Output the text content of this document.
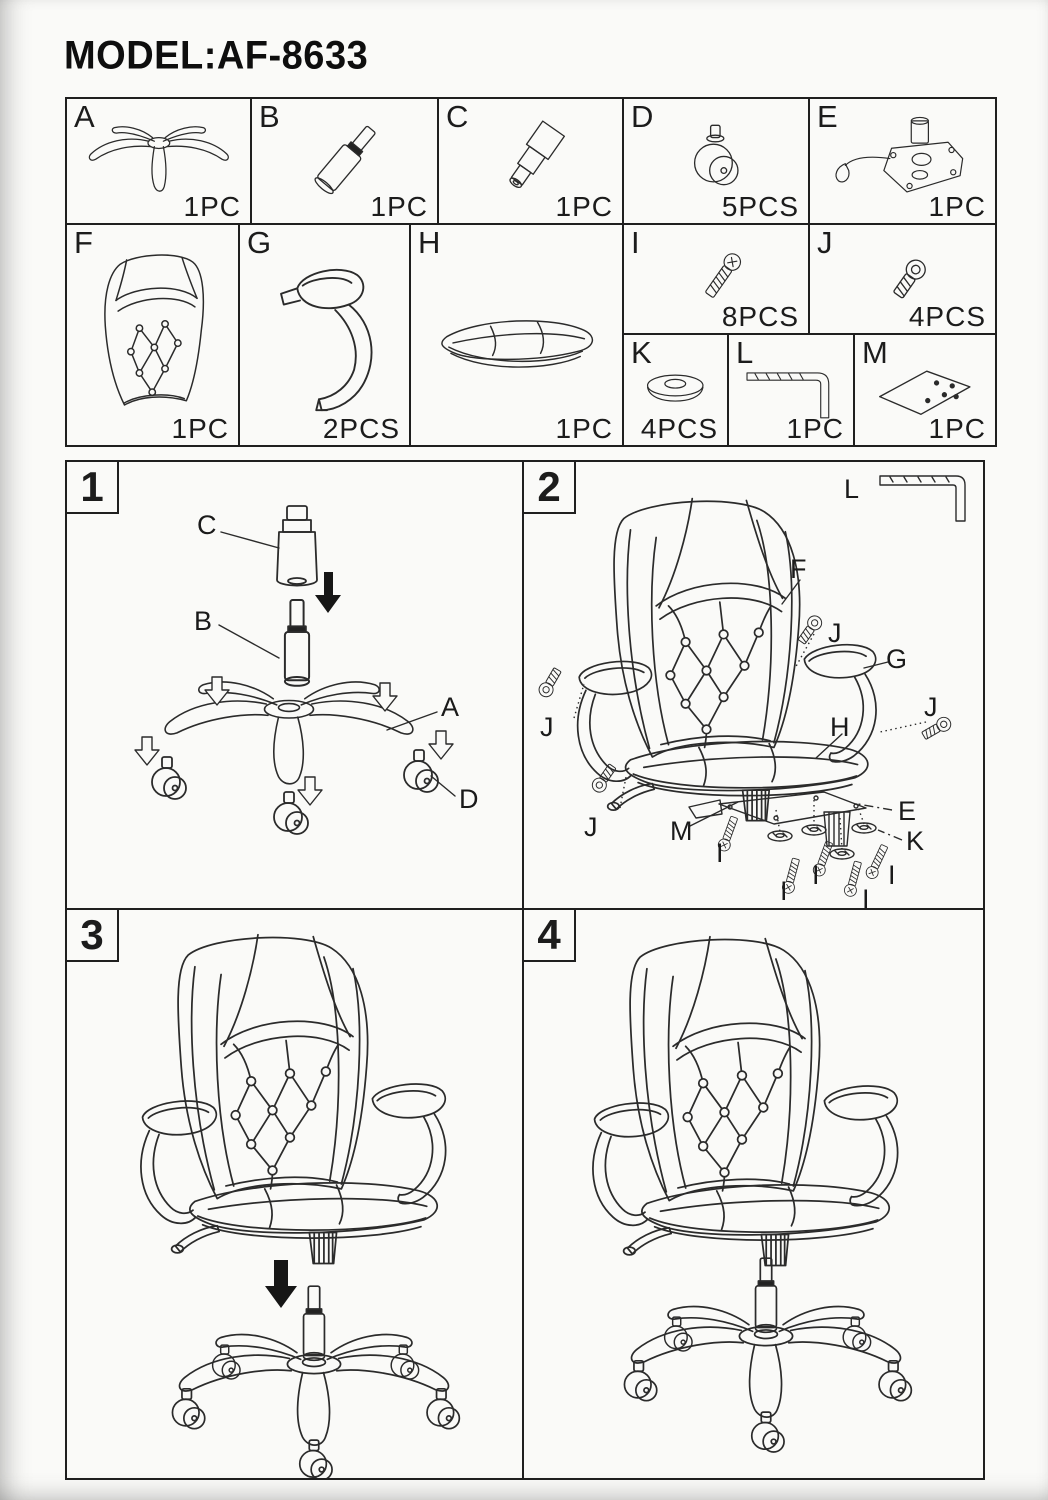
MODEL:AF-8633
A
1PC
B
1PC
C
1PC
D
5PCS
E
1PC
F
1PC
G
2PCS
H
1PC
I
8PCS
J
4PCS
K
4PCS
L
1PC
M
1PC
1
C
B
A
D
2	L
F
J
G
J
J
H
E
M
J	K
I
I
I
I
I
3	4
